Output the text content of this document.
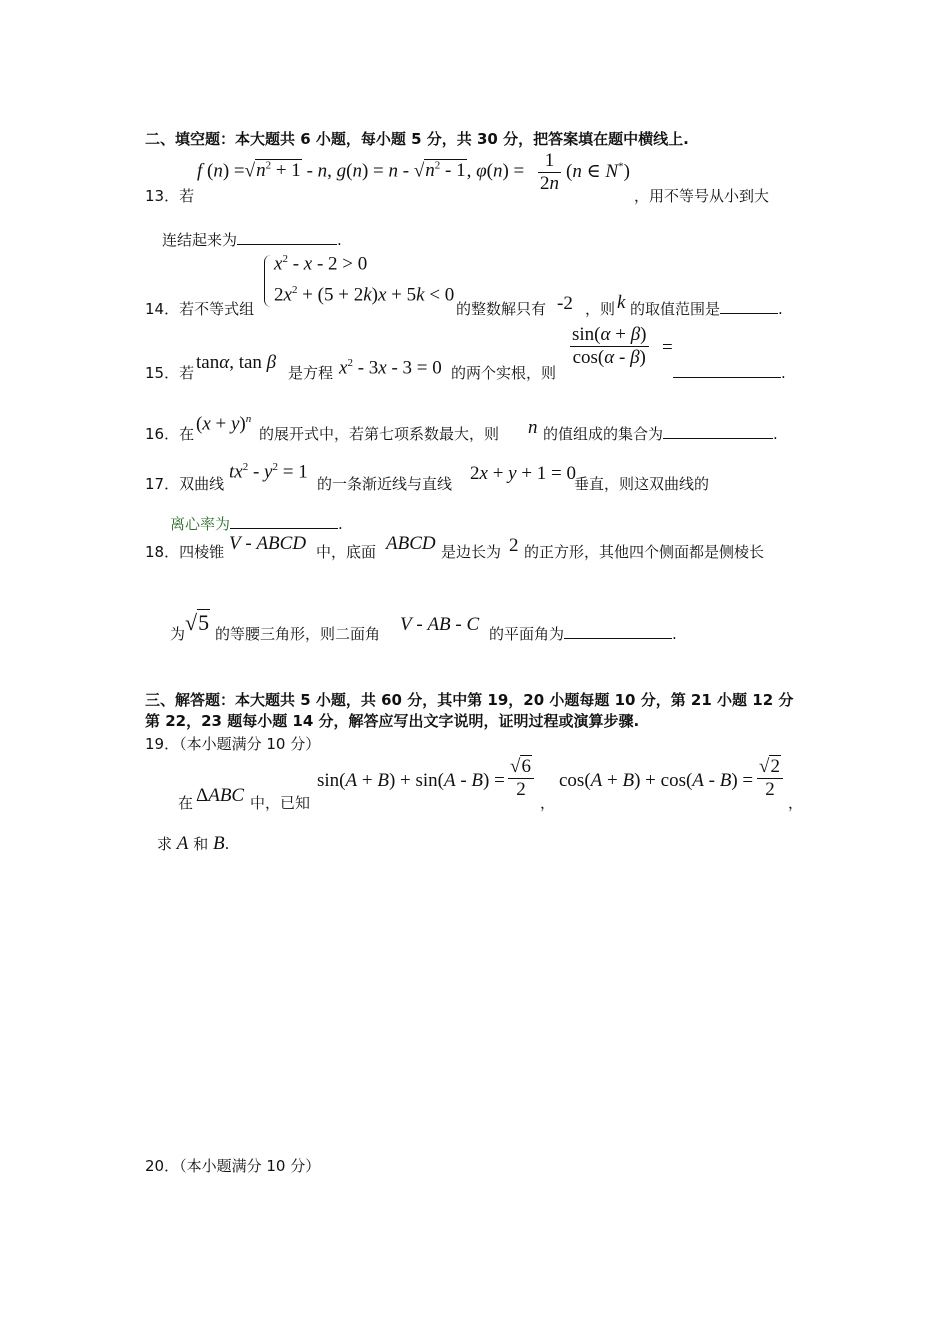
二、填空题：本大题共 6 小题，每小题 5 分，共 30 分，把答案填在题中横线上.
13．若
f $(n) =√n^2 + 1 - n$, $g(n) = n - √n^2 - 1$, $\varphi(n) = \frac{1}{2n} (n$ ∈ N*)
，用不等号从小到大
连结起来为	.
14．若不等式组
$x^2 - x - 2 > 0$
$2x^2 + (5 + 2k)x + 5k < 0$
的整数解只有 -2 ，则 k 的取值范围是	.
15．若 tanα, tan β 是方程 $x^2 - 3x - 3 = 0$ 的两个实根，则
$\frac{\sin(\alpha + \beta)}{\cos(\alpha - \beta)}$ =
.
16．在 $(x + y)^n$
的展开式中，若第七项系数最大，则 n 的值组成的集合为	.
17．双曲线
$tx^2 - y^2 = 1$
的一条渐近线与直线 2x + y + 1 = 0
垂直，则这双曲线的
离心率为	.
18．四棱锥 V - ABCD 中，底面 ABCD 是边长为 2 的正方形，其他四个侧面都是侧棱长
为 √5 的等腰三角形，则二面角 V - AB - C 的平面角为	.
三、解答题：本大题共 5 小题，共 60 分，其中第 19，20 小题每题 10 分，第 21 小题 12 分
第 22，23 题每小题 14 分，解答应写出文字说明，证明过程或演算步骤.
19．（本小题满分 10 分）
在 ΔABC 中，已知
$\sin(A + B) + \sin(A - B) = \frac{√6}{2}$
，
$\cos(A + B) + \cos(A - B) = \frac{√2}{2}$
，
求 A 和 B.
20．（本小题满分 10 分）
